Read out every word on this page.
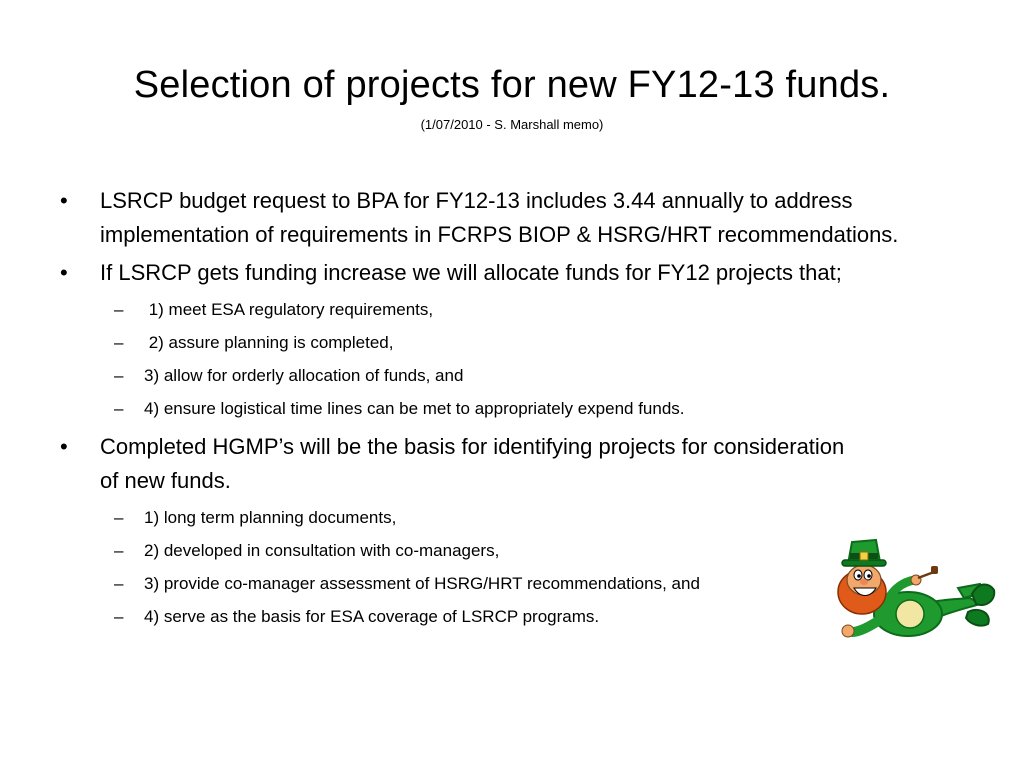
Selection of projects for new FY12-13 funds.
(1/07/2010 - S. Marshall memo)
• LSRCP budget request to BPA for FY12-13 includes 3.44 annually to address implementation of requirements in FCRPS BIOP & HSRG/HRT recommendations.
• If LSRCP gets funding increase we will allocate funds for FY12 projects that;
– 1) meet ESA regulatory requirements,
– 2) assure planning is completed,
– 3) allow for orderly allocation of funds, and
– 4) ensure logistical time lines can be met to appropriately expend funds.
• Completed HGMP’s will be the basis for identifying projects for consideration of new funds.
– 1) long term planning documents,
– 2) developed in consultation with co-managers,
– 3) provide co-manager assessment of HSRG/HRT recommendations, and
– 4) serve as the basis for ESA coverage of LSRCP programs.
